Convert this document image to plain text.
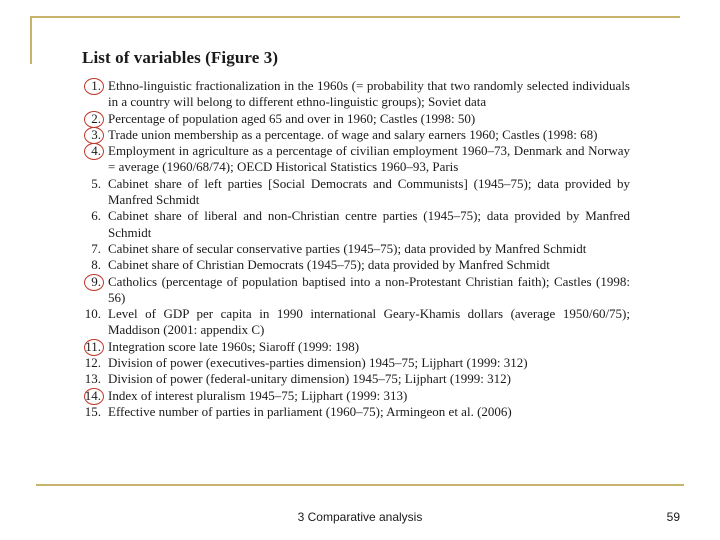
List of variables (Figure 3)
1. Ethno-linguistic fractionalization in the 1960s (= probability that two randomly selected individuals in a country will belong to different ethno-linguistic groups); Soviet data
2. Percentage of population aged 65 and over in 1960; Castles (1998: 50)
3. Trade union membership as a percentage. of wage and salary earners 1960; Castles (1998: 68)
4. Employment in agriculture as a percentage of civilian employment 1960–73, Denmark and Norway = average (1960/68/74); OECD Historical Statistics 1960–93, Paris
5. Cabinet share of left parties [Social Democrats and Communists] (1945–75); data provided by Manfred Schmidt
6. Cabinet share of liberal and non-Christian centre parties (1945–75); data provided by Manfred Schmidt
7. Cabinet share of secular conservative parties (1945–75); data provided by Manfred Schmidt
8. Cabinet share of Christian Democrats (1945–75); data provided by Manfred Schmidt
9. Catholics (percentage of population baptised into a non-Protestant Christian faith); Castles (1998: 56)
10. Level of GDP per capita in 1990 international Geary-Khamis dollars (average 1950/60/75); Maddison (2001: appendix C)
11. Integration score late 1960s; Siaroff (1999: 198)
12. Division of power (executives-parties dimension) 1945–75; Lijphart (1999: 312)
13. Division of power (federal-unitary dimension) 1945–75; Lijphart (1999: 312)
14. Index of interest pluralism 1945–75; Lijphart (1999: 313)
15. Effective number of parties in parliament (1960–75); Armingeon et al. (2006)
3 Comparative analysis	59
